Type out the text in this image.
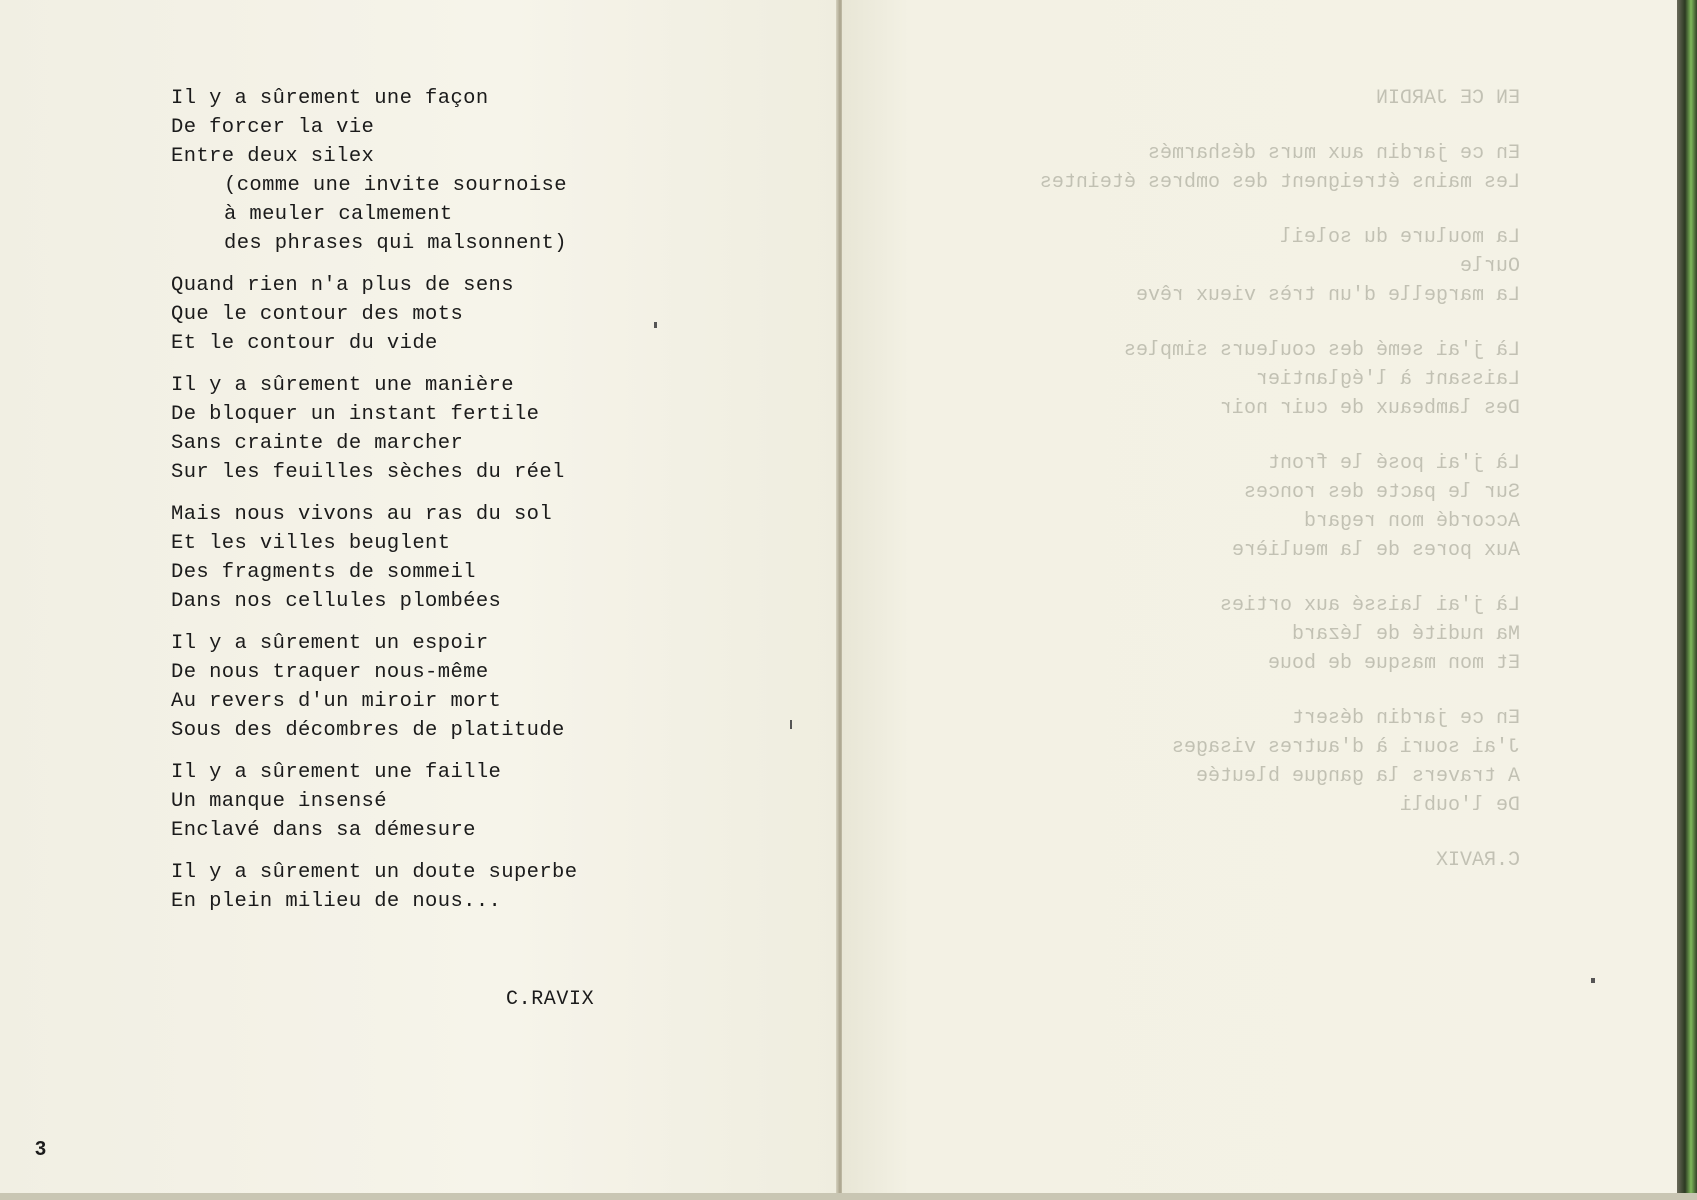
Il y a sûrement une façon
De forcer la vie
Entre deux silex
(comme une invite sournoise
à meuler calmement
des phrases qui malsonnent)
Quand rien n'a plus de sens
Que le contour des mots
Et le contour du vide
Il y a sûrement une manière
De bloquer un instant fertile
Sans crainte de marcher
Sur les feuilles sèches du réel
Mais nous vivons au ras du sol
Et les villes beuglent
Des fragments de sommeil
Dans nos cellules plombées
Il y a sûrement un espoir
De nous traquer nous-même
Au revers d'un miroir mort
Sous des décombres de platitude
Il y a sûrement une faille
Un manque insensé
Enclavé dans sa démesure
Il y a sûrement un doute superbe
En plein milieu de nous...
C.RAVIX
3
EN CE JARDIN
En ce jardin aux murs désharmés
Les mains étreignent des ombres éteintes
La moulure du soleil
Ourle
La margelle d'un très vieux rêve
Là j'ai semé des couleurs simples
Laissant à l'églantier
Des lambeaux de cuir noir
Là j'ai posé le front
Sur le pacte des ronces
Accordé mon regard
Aux pores de la meulière
Là j'ai laissé aux orties
Ma nudité de lézard
Et mon masque de boue
En ce jardin désert
J'ai souri à d'autres visages
A travers la gangue bleutée
De l'oubli
C.RAVIX
